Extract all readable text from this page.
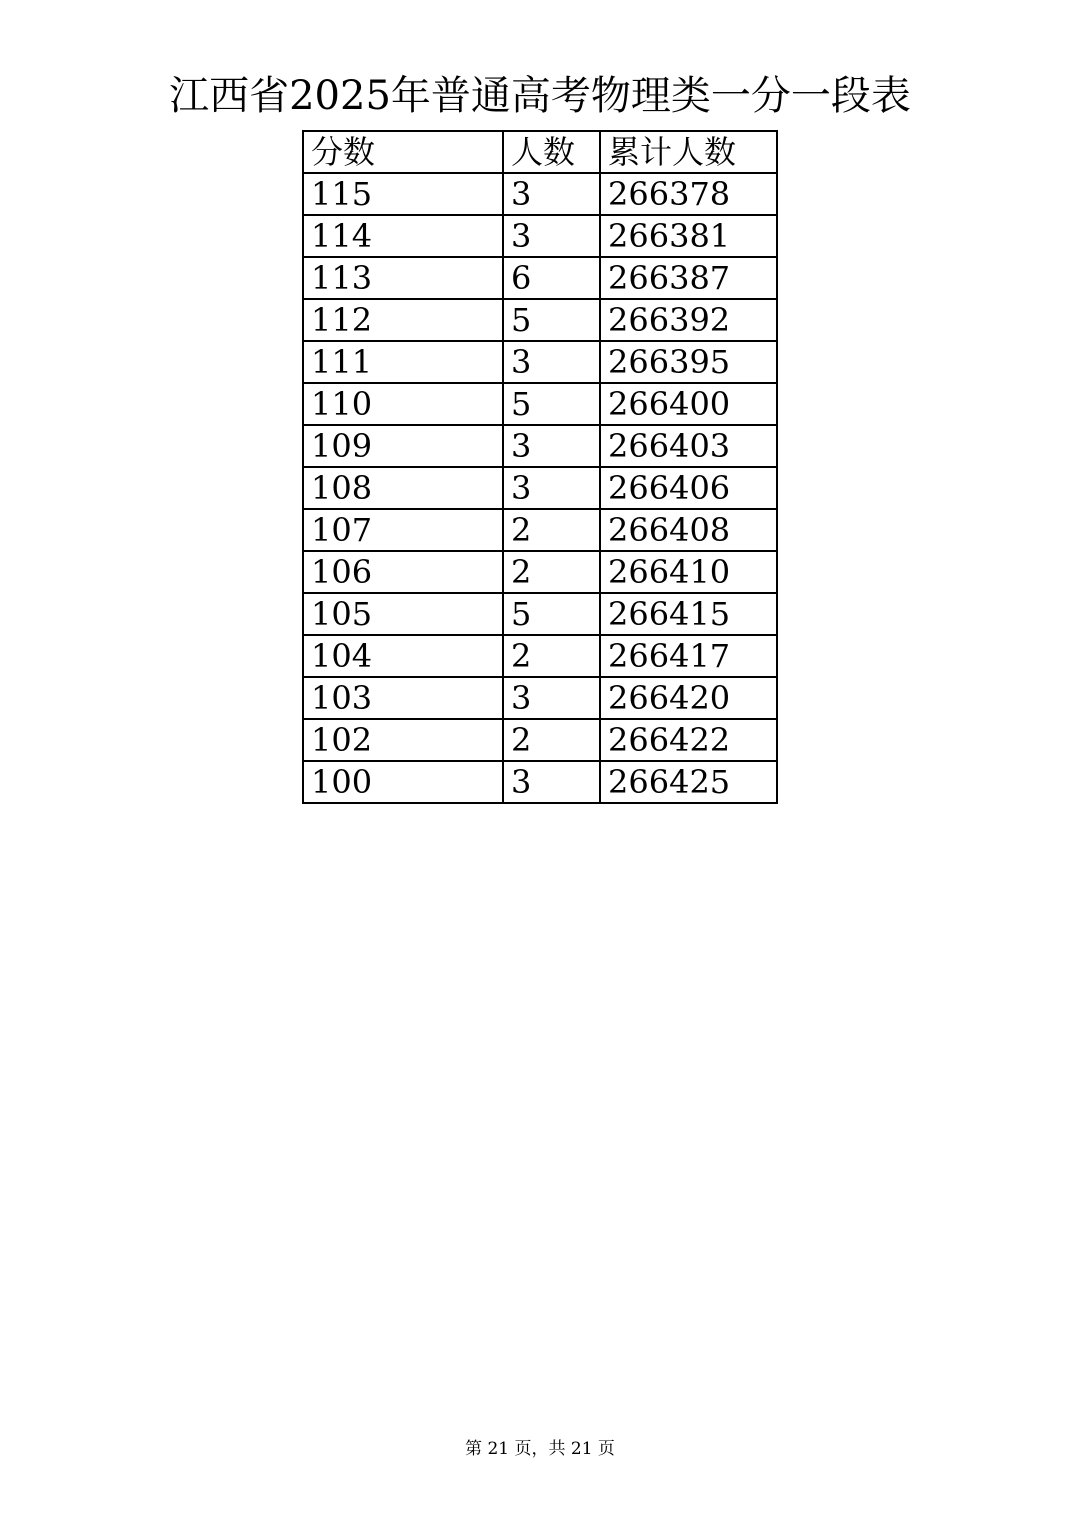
江西省2025年普通高考物理类一分一段表
分数	人数	累计人数
115	3	266378
114	3	266381
113	6	266387
112	5	266392
111	3	266395
110	5	266400
109	3	266403
108	3	266406
107	2	266408
106	2	266410
105	5	266415
104	2	266417
103	3	266420
102	2	266422
100	3	266425
第 21 页，共 21 页
